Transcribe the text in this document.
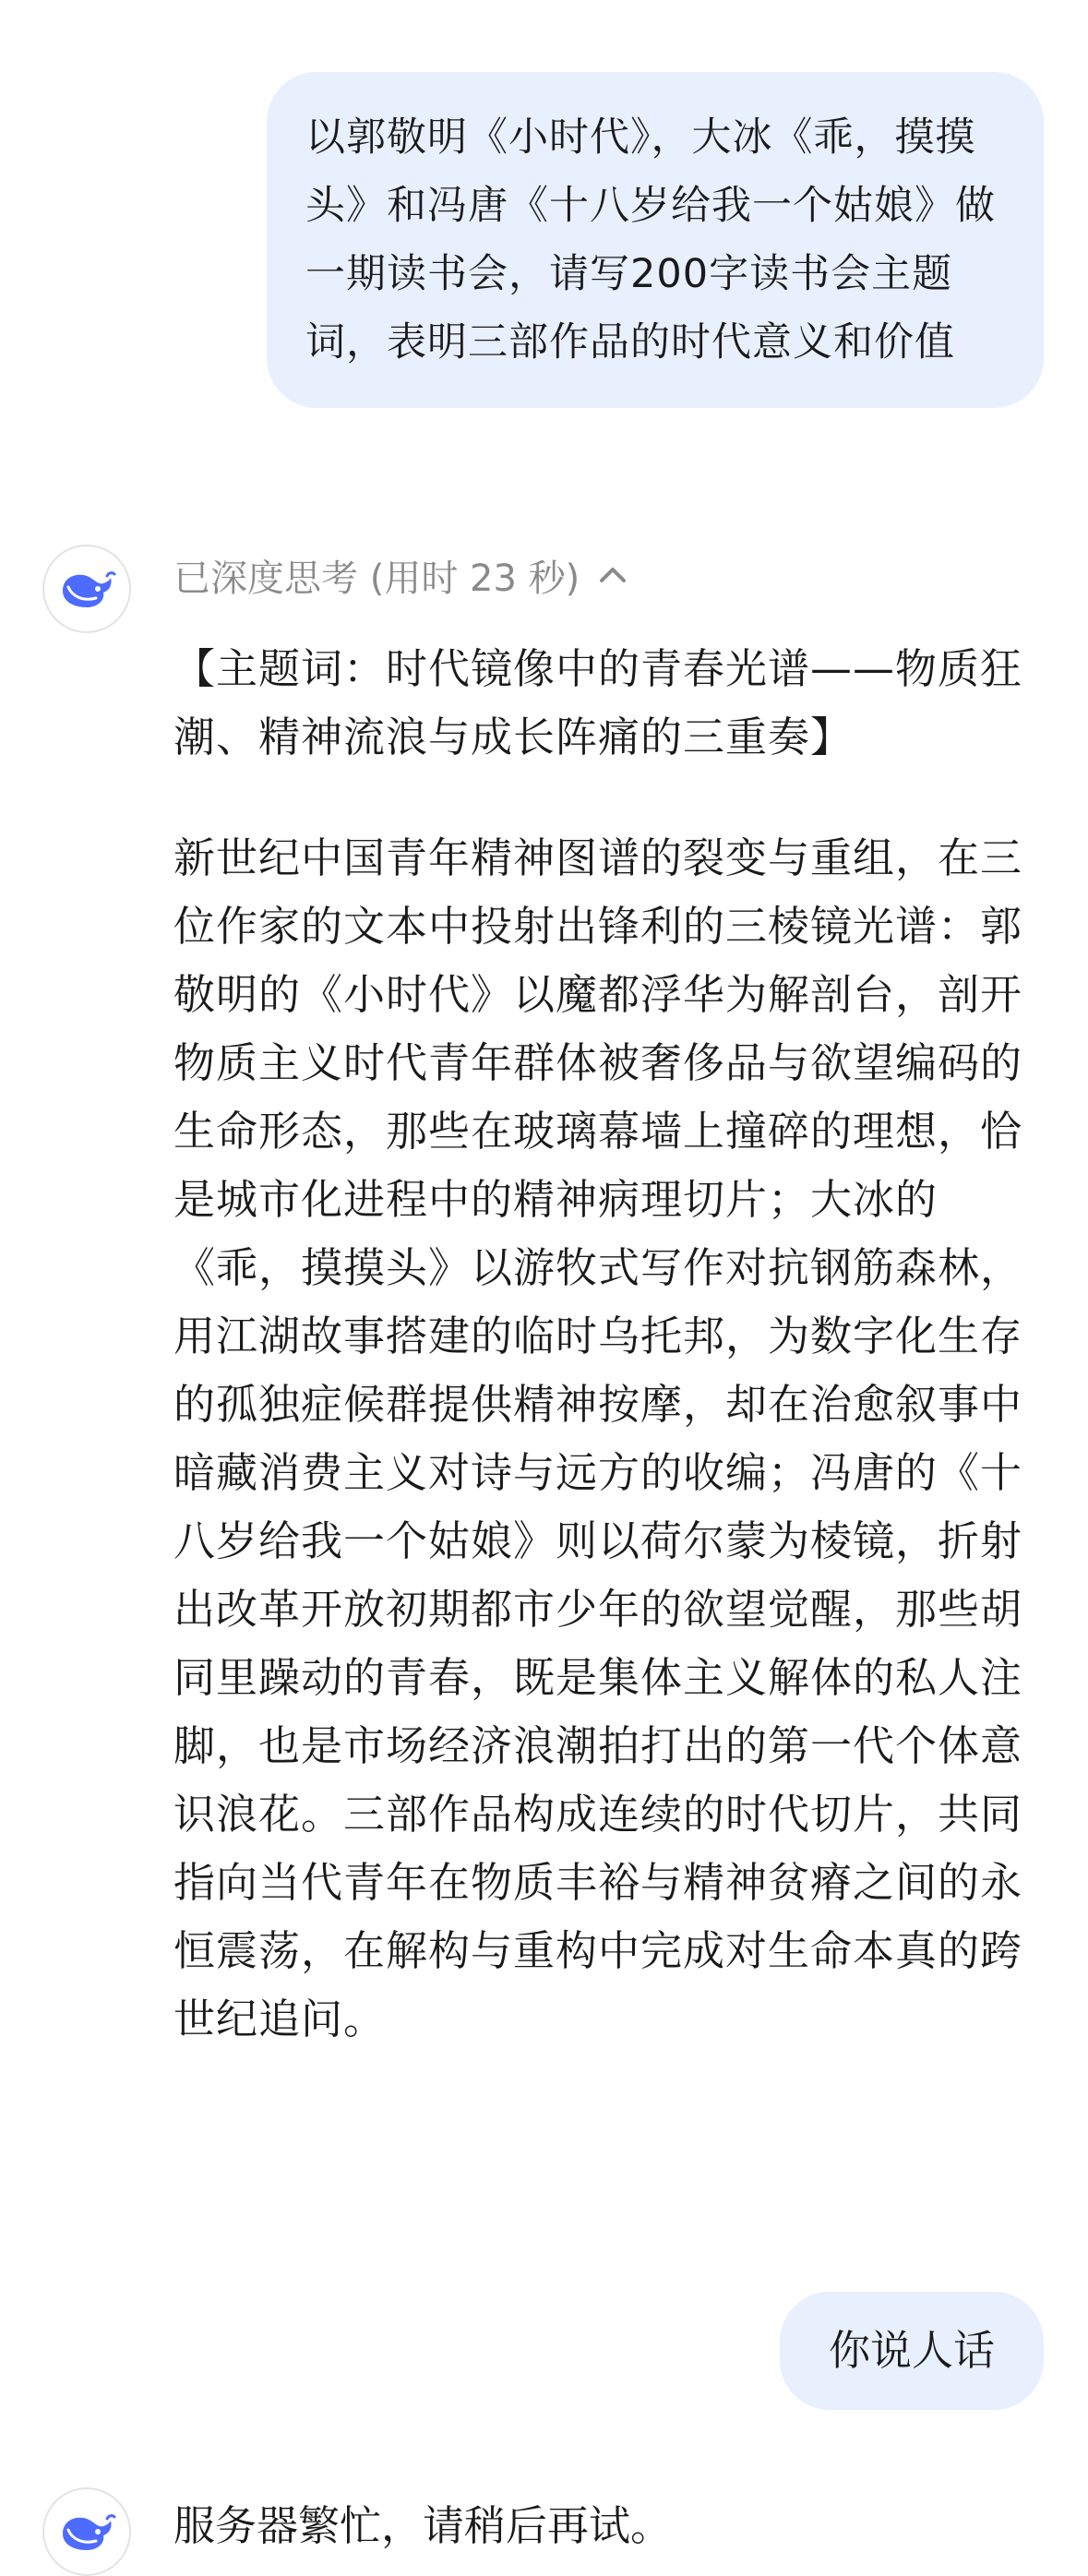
以郭敬明《小时代》，大冰《乖，摸摸头》和冯唐《十八岁给我一个姑娘》做一期读书会，请写200字读书会主题词，表明三部作品的时代意义和价值
已深度思考 (用时 23 秒)
【主题词：时代镜像中的青春光谱——物质狂潮、精神流浪与成长阵痛的三重奏】
新世纪中国青年精神图谱的裂变与重组，在三位作家的文本中投射出锋利的三棱镜光谱：郭敬明的《小时代》以魔都浮华为解剖台，剖开物质主义时代青年群体被奢侈品与欲望编码的生命形态，那些在玻璃幕墙上撞碎的理想，恰是城市化进程中的精神病理切片；大冰的《乖，摸摸头》以游牧式写作对抗钢筋森林，用江湖故事搭建的临时乌托邦，为数字化生存的孤独症候群提供精神按摩，却在治愈叙事中暗藏消费主义对诗与远方的收编；冯唐的《十八岁给我一个姑娘》则以荷尔蒙为棱镜，折射出改革开放初期都市少年的欲望觉醒，那些胡同里躁动的青春，既是集体主义解体的私人注脚，也是市场经济浪潮拍打出的第一代个体意识浪花。三部作品构成连续的时代切片，共同指向当代青年在物质丰裕与精神贫瘠之间的永恒震荡，在解构与重构中完成对生命本真的跨世纪追问。
你说人话
服务器繁忙，请稍后再试。
